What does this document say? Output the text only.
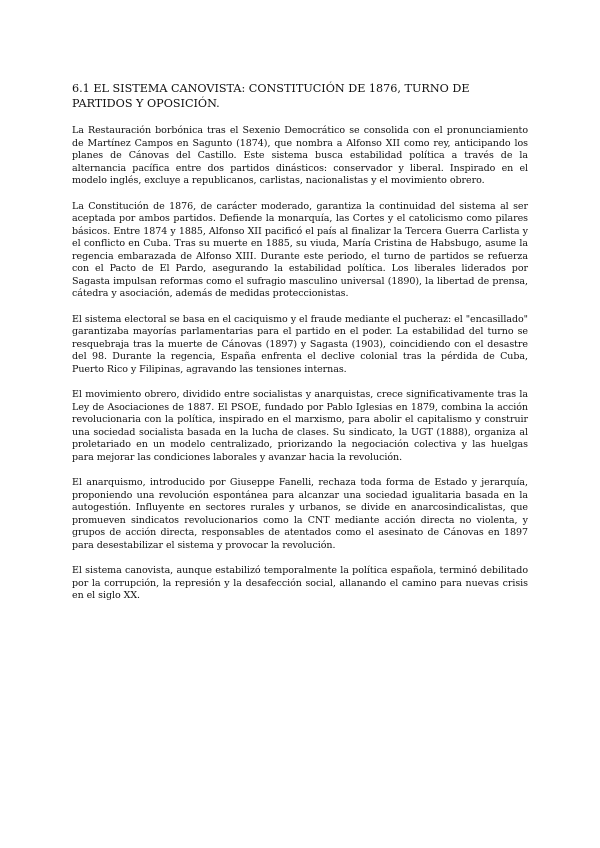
6.1 EL SISTEMA CANOVISTA: CONSTITUCIÓN DE 1876, TURNO DE PARTIDOS Y OPOSICIÓN.

La Restauración borbónica tras el Sexenio Democrático se consolida con el pronunciamiento de Martínez Campos en Sagunto (1874), que nombra a Alfonso XII como rey, anticipando los planes de Cánovas del Castillo. Este sistema busca estabilidad política a través de la alternancia pacífica entre dos partidos dinásticos: conservador y liberal. Inspirado en el modelo inglés, excluye a republicanos, carlistas, nacionalistas y el movimiento obrero.

La Constitución de 1876, de carácter moderado, garantiza la continuidad del sistema al ser aceptada por ambos partidos. Defiende la monarquía, las Cortes y el catolicismo como pilares básicos. Entre 1874 y 1885, Alfonso XII pacificó el país al finalizar la Tercera Guerra Carlista y el conflicto en Cuba. Tras su muerte en 1885, su viuda, María Cristina de Habsbugo, asume la regencia embarazada de Alfonso XIII. Durante este periodo, el turno de partidos se refuerza con el Pacto de El Pardo, asegurando la estabilidad política. Los liberales liderados por Sagasta impulsan reformas como el sufragio masculino universal (1890), la libertad de prensa, cátedra y asociación, además de medidas proteccionistas.

El sistema electoral se basa en el caciquismo y el fraude mediante el pucheraz: el "encasillado" garantizaba mayorías parlamentarias para el partido en el poder. La estabilidad del turno se resquebraja tras la muerte de Cánovas (1897) y Sagasta (1903), coincidiendo con el desastre del 98. Durante la regencia, España enfrenta el declive colonial tras la pérdida de Cuba, Puerto Rico y Filipinas, agravando las tensiones internas.

El movimiento obrero, dividido entre socialistas y anarquistas, crece significativamente tras la Ley de Asociaciones de 1887. El PSOE, fundado por Pablo Iglesias en 1879, combina la acción revolucionaria con la política, inspirado en el marxismo, para abolir el capitalismo y construir una sociedad socialista basada en la lucha de clases. Su sindicato, la UGT (1888), organiza al proletariado en un modelo centralizado, priorizando la negociación colectiva y las huelgas para mejorar las condiciones laborales y avanzar hacia la revolución.

El anarquismo, introducido por Giuseppe Fanelli, rechaza toda forma de Estado y jerarquía, proponiendo una revolución espontánea para alcanzar una sociedad igualitaria basada en la autogestión. Influyente en sectores rurales y urbanos, se divide en anarcosindicalistas, que promueven sindicatos revolucionarios como la CNT mediante acción directa no violenta, y grupos de acción directa, responsables de atentados como el asesinato de Cánovas en 1897 para desestabilizar el sistema y provocar la revolución.

El sistema canovista, aunque estabilizó temporalmente la política española, terminó debilitado por la corrupción, la represión y la desafección social, allanando el camino para nuevas crisis en el siglo XX.
